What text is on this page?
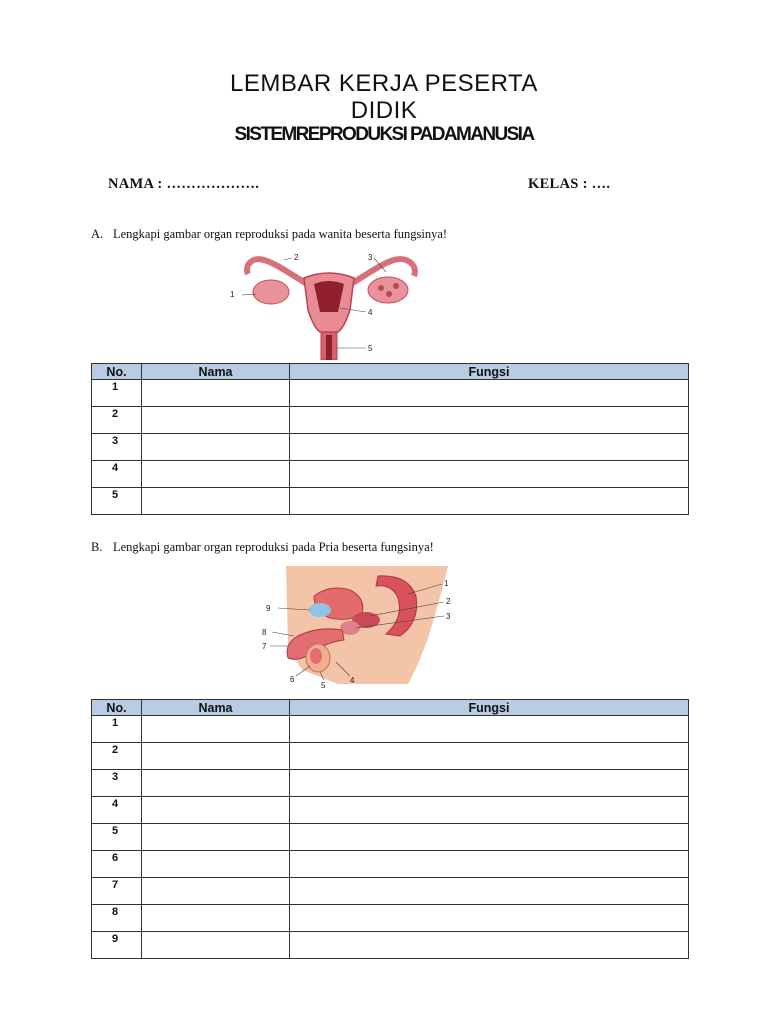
LEMBAR KERJA PESERTA
DIDIK
SISTEMREPRODUKSI PADAMANUSIA
NAMA : ……………….	KELAS : ….
A. Lengkapi gambar organ reproduksi pada wanita beserta fungsinya!
1
2	3
4
5
No.	Nama	Fungsi
1		
2		
3		
4		
5		
B. Lengkapi gambar organ reproduksi pada Pria beserta fungsinya!
1
2
3
4
5
6
7
8
9
No.	Nama	Fungsi
1		
2		
3		
4		
5		
6		
7		
8		
9		
